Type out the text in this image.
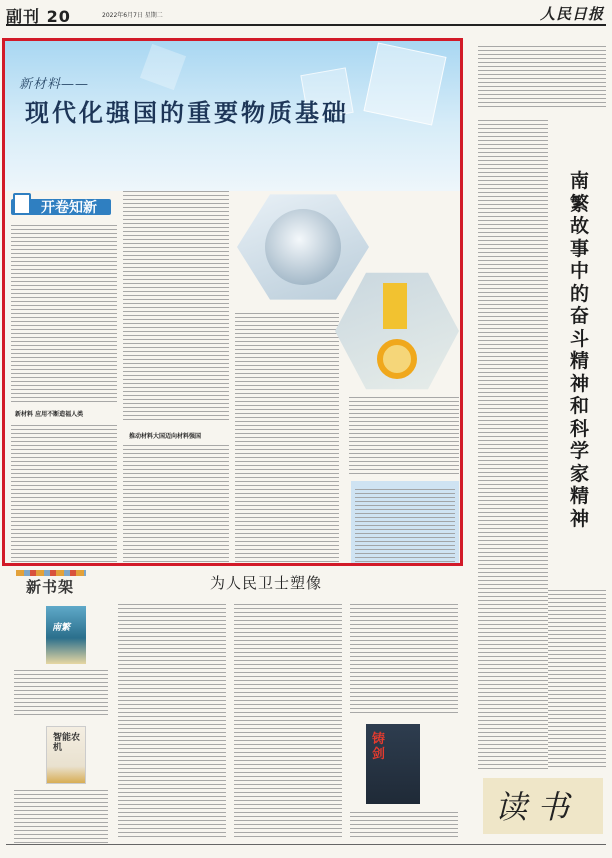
副刊 20	2022年6月7日 星期二	人民日报
南繁故事中的奋斗精神和科学家精神
新材料——
现代化强国的重要物质基础
开卷知新
新材料 应用不断造福人类
推动材料大国迈向材料强国
新书架
南繁
智能农机
为人民卫士塑像
铸剑
读书
